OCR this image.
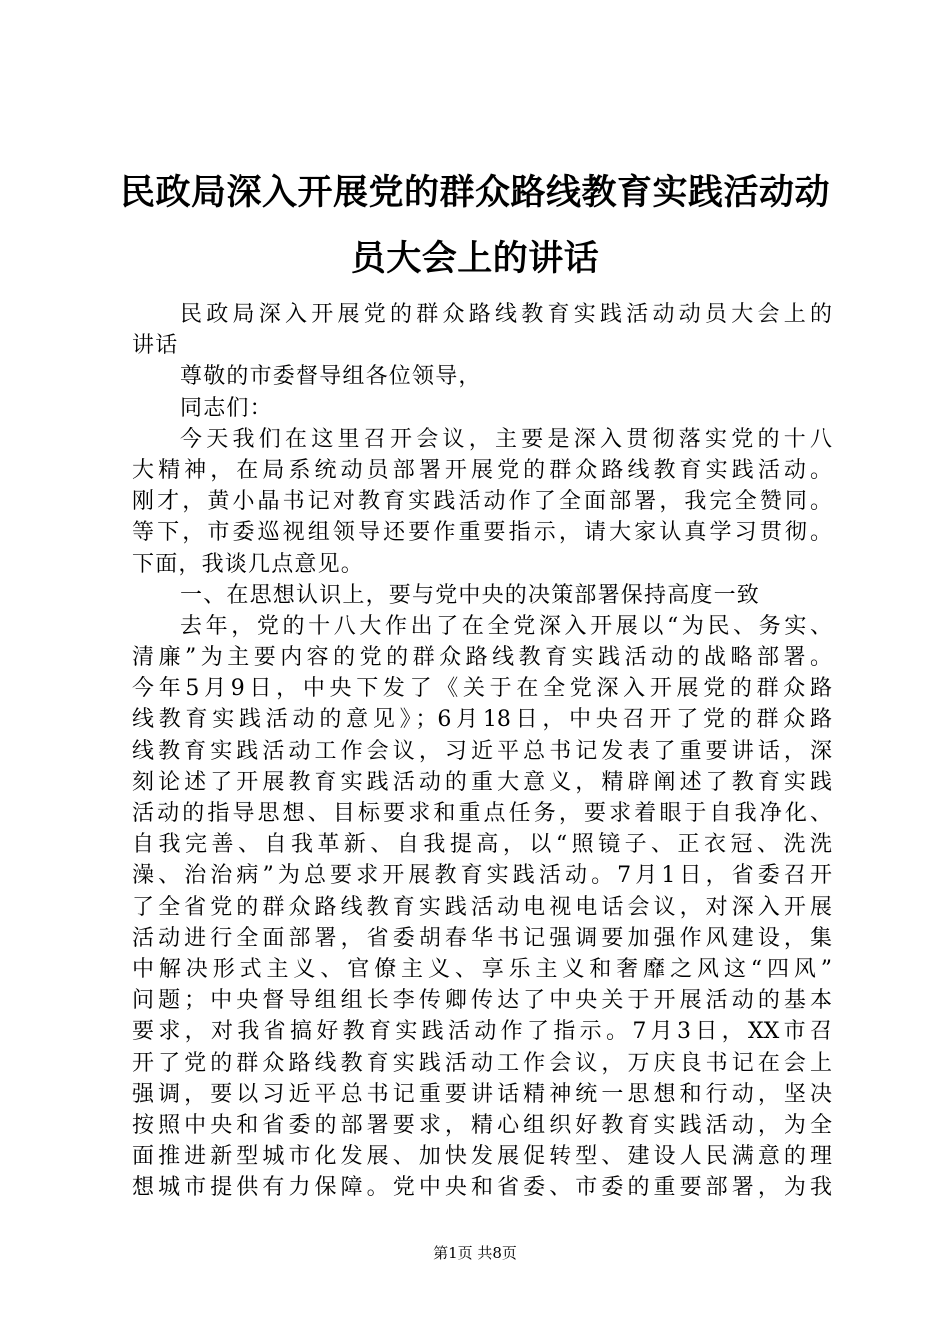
民政局深入开展党的群众路线教育实践活动动
员大会上的讲话
民政局深入开展党的群众路线教育实践活动动员大会上的
讲话
尊敬的市委督导组各位领导，
同志们：
今天我们在这里召开会议，主要是深入贯彻落实党的十八
大精神，在局系统动员部署开展党的群众路线教育实践活动。
刚才，黄小晶书记对教育实践活动作了全面部署，我完全赞同。
等下，市委巡视组领导还要作重要指示，请大家认真学习贯彻。
下面，我谈几点意见。
一、在思想认识上，要与党中央的决策部署保持高度一致
去年，党的十八大作出了在全党深入开展以“为民、务实、
清廉”为主要内容的党的群众路线教育实践活动的战略部署。
今年5月9日，中央下发了《关于在全党深入开展党的群众路
线教育实践活动的意见》；6月18日，中央召开了党的群众路
线教育实践活动工作会议，习近平总书记发表了重要讲话，深
刻论述了开展教育实践活动的重大意义，精辟阐述了教育实践
活动的指导思想、目标要求和重点任务，要求着眼于自我净化、
自我完善、自我革新、自我提高，以“照镜子、正衣冠、洗洗
澡、治治病”为总要求开展教育实践活动。7月1日，省委召开
了全省党的群众路线教育实践活动电视电话会议，对深入开展
活动进行全面部署，省委胡春华书记强调要加强作风建设，集
中解决形式主义、官僚主义、享乐主义和奢靡之风这“四风”
问题；中央督导组组长李传卿传达了中央关于开展活动的基本
要求，对我省搞好教育实践活动作了指示。7月3日，XX市召
开了党的群众路线教育实践活动工作会议，万庆良书记在会上
强调，要以习近平总书记重要讲话精神统一思想和行动，坚决
按照中央和省委的部署要求，精心组织好教育实践活动，为全
面推进新型城市化发展、加快发展促转型、建设人民满意的理
想城市提供有力保障。党中央和省委、市委的重要部署，为我
第1页 共8页
